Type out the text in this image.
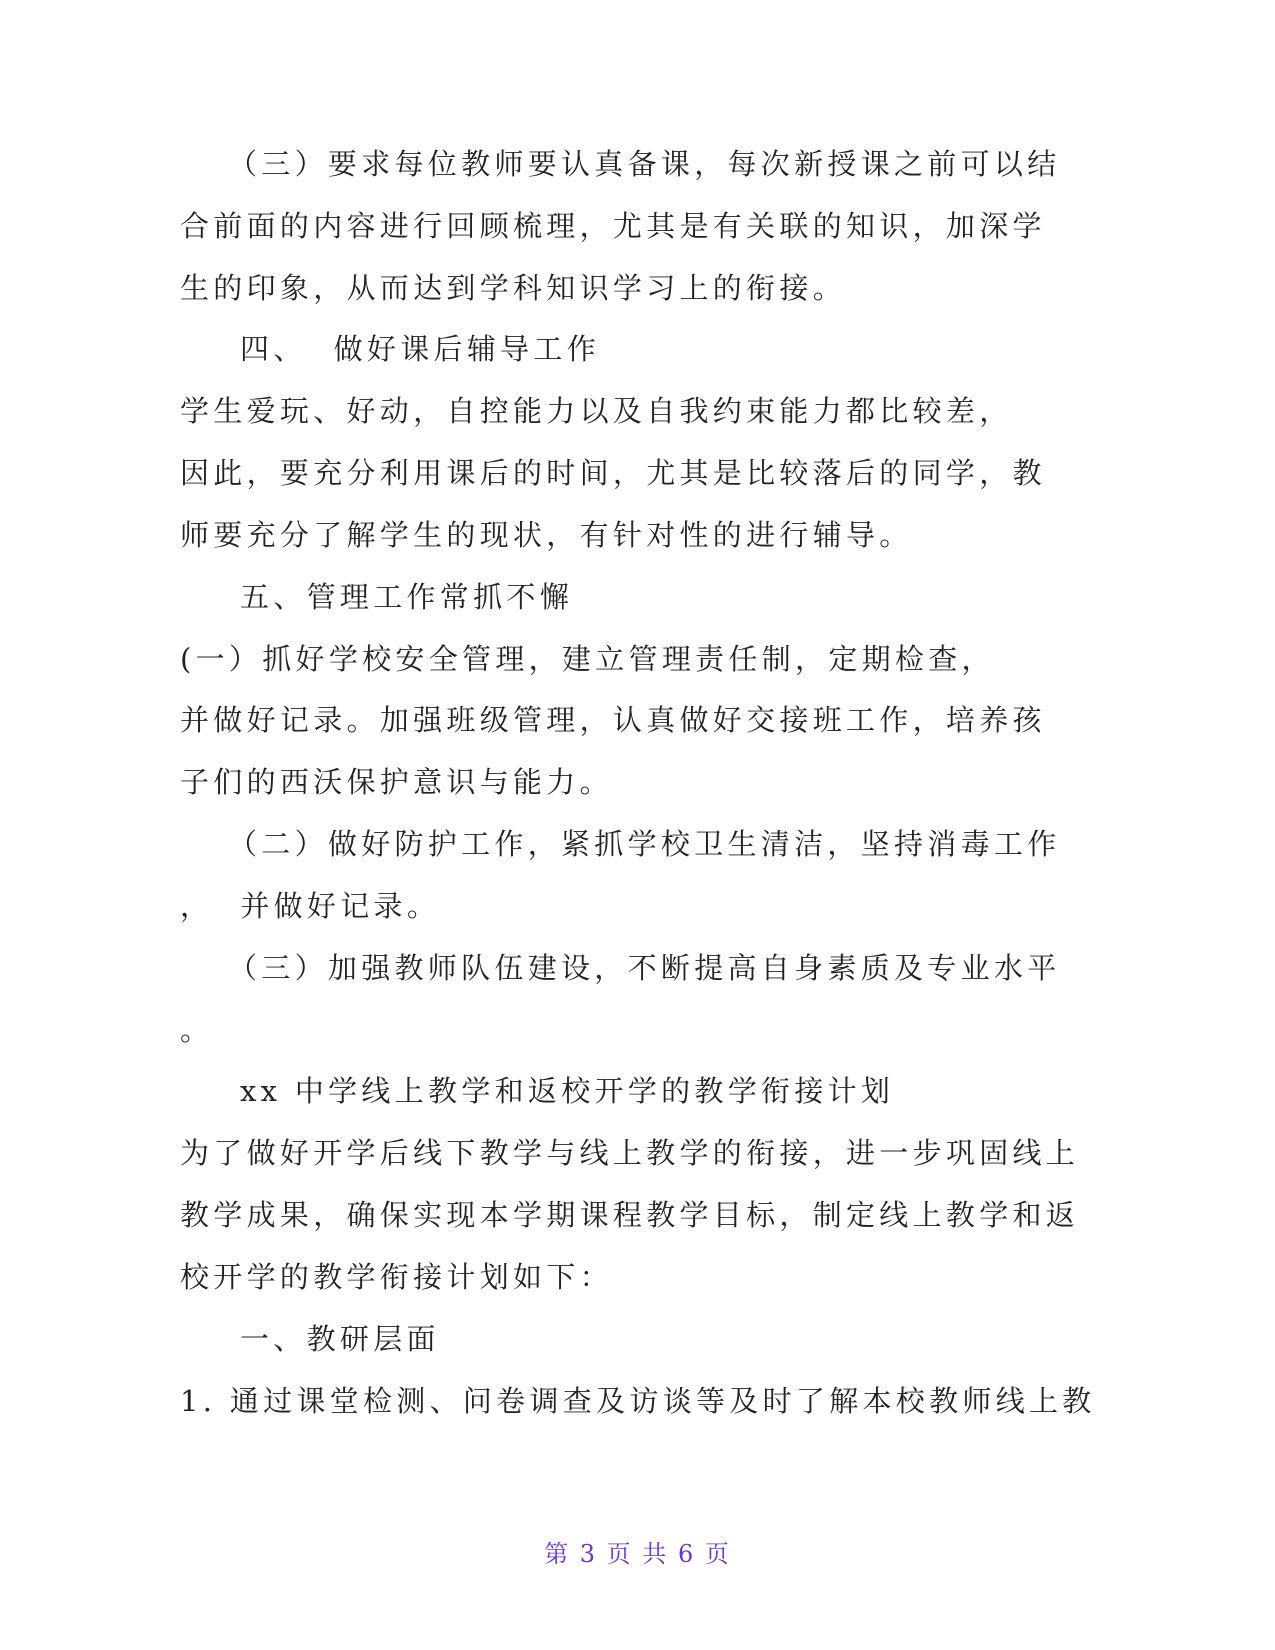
（三）要求每位教师要认真备课，每次新授课之前可以结
合前面的内容进行回顾梳理，尤其是有关联的知识，加深学
生的印象，从而达到学科知识学习上的衔接。
四、  做好课后辅导工作
学生爱玩、好动，自控能力以及自我约束能力都比较差，
因此，要充分利用课后的时间，尤其是比较落后的同学，教
师要充分了解学生的现状，有针对性的进行辅导。
五、管理工作常抓不懈
(一）抓好学校安全管理，建立管理责任制，定期检查，
并做好记录。加强班级管理，认真做好交接班工作，培养孩
子们的西沃保护意识与能力。
（二）做好防护工作，紧抓学校卫生清洁，坚持消毒工作
，  并做好记录。
（三）加强教师队伍建设，不断提高自身素质及专业水平
。
xx 中学线上教学和返校开学的教学衔接计划
为了做好开学后线下教学与线上教学的衔接，进一步巩固线上
教学成果，确保实现本学期课程教学目标，制定线上教学和返
校开学的教学衔接计划如下：
一、教研层面
1. 通过课堂检测、问卷调查及访谈等及时了解本校教师线上教
第 3 页 共 6 页
